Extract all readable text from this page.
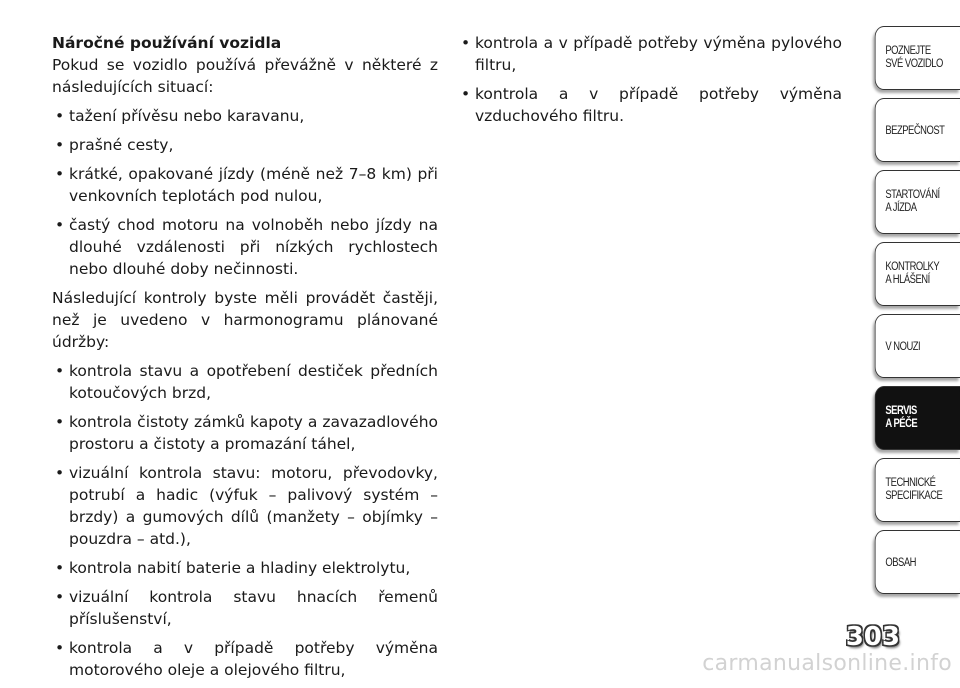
Náročné používání vozidla

Pokud se vozidlo používá převážně v některé z následujících situací:

• tažení přívěsu nebo karavanu,
• prašné cesty,
• krátké, opakované jízdy (méně než 7–8 km) při venkovních teplotách pod nulou,
• častý chod motoru na volnoběh nebo jízdy na dlouhé vzdálenosti při nízkých rychlostech nebo dlouhé doby nečinnosti.

Následující kontroly byste měli provádět častěji, než je uvedeno v harmonogramu plánované údržby:

• kontrola stavu a opotřebení destiček předních kotoučových brzd,
• kontrola čistoty zámků kapoty a zavazadlového prostoru a čistoty a promazání táhel,
• vizuální kontrola stavu: motoru, převodovky, potrubí a hadic (výfuk – palivový systém – brzdy) a gumových dílů (manžety – objímky – pouzdra – atd.),
• kontrola nabití baterie a hladiny elektrolytu,
• vizuální kontrola stavu hnacích řemenů příslušenství,
• kontrola a v případě potřeby výměna motorového oleje a olejového filtru,
• kontrola a v případě potřeby výměna pylového filtru,
• kontrola a v případě potřeby výměna vzduchového filtru.
POZNEJTE
SVÉ VOZIDLO
BEZPEČNOST
STARTOVÁNÍ
A JÍZDA
KONTROLKY
A HLÁŠENÍ
V NOUZI
SERVIS
A PÉČE
TECHNICKÉ
SPECIFIKACE
OBSAH
303
carmanualsonline.info
